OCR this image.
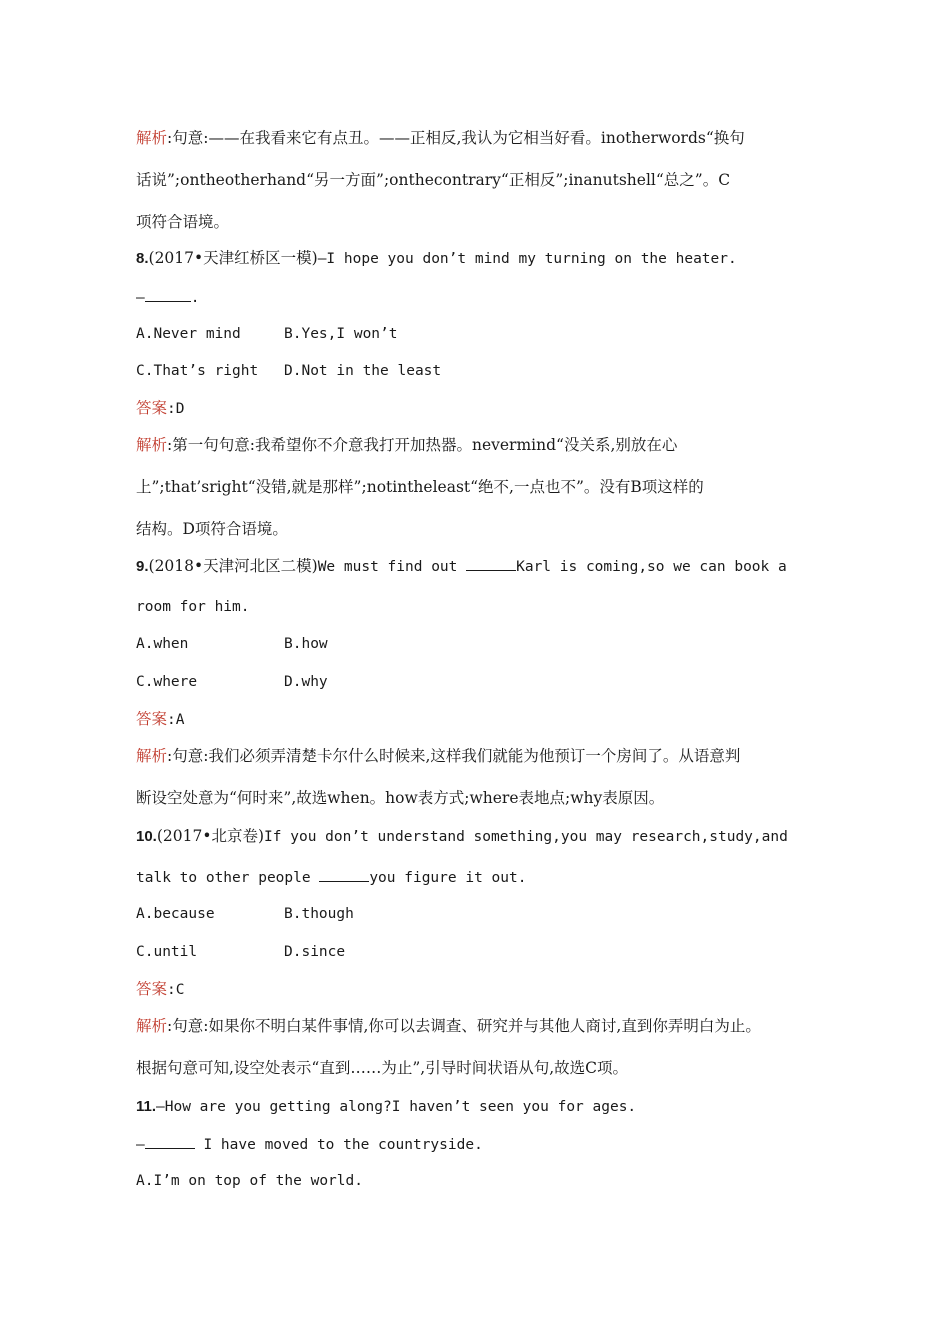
解析:句意:——在我看来它有点丑。——正相反,我认为它相当好看。inotherwords“换句
话说”;ontheotherhand“另一方面”;onthecontrary“正相反”;inanutshell“总之”。C
项符合语境。
8.(2017•天津红桥区一模)—I hope you don’t mind my turning on the heater.
—	.
A.Never mind	B.Yes,I won’t
C.That’s right D.Not in the least
答案:D
解析:第一句句意:我希望你不介意我打开加热器。nevermind“没关系,别放在心
上”;that’sright“没错,就是那样”;notintheleast“绝不,一点也不”。没有B项这样的
结构。D项符合语境。
9.(2018•天津河北区二模)We must find out	Karl is coming,so we can book a
room for him.
A.when	B.how
C.where	D.why
答案:A
解析:句意:我们必须弄清楚卡尔什么时候来,这样我们就能为他预订一个房间了。从语意判
断设空处意为“何时来”,故选when。how表方式;where表地点;why表原因。
10.(2017•北京卷)If you don’t understand something,you may research,study,and
talk to other people	you figure it out.
A.because	B.though
C.until	D.since
答案:C
解析:句意:如果你不明白某件事情,你可以去调查、研究并与其他人商讨,直到你弄明白为止。
根据句意可知,设空处表示“直到……为止”,引导时间状语从句,故选C项。
11.—How are you getting along?I haven’t seen you for ages.
—	I have moved to the countryside.
A.I’m on top of the world.
